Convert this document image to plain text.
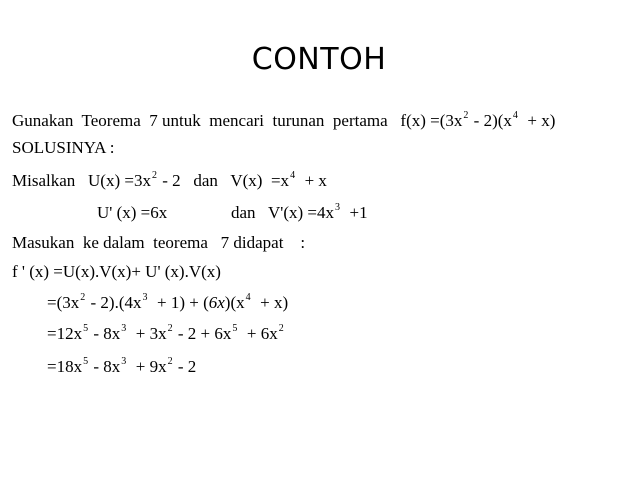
CONTOH
Gunakan  Teorema  7 untuk  mencari  turunan  pertama   $f(x) =(3x^2 - 2)(x^4 + x)$
SOLUSINYA :
Misalkan   $U(x) =3x^2 - 2$   dan   $V(x) =x^4 + x$
U' (x) =6x               dan   $V'(x) =4x^3 +1$
Masukan  ke dalam  teorema   7 didapat    :
f ' (x) =U(x).V(x)+ U' (x).V(x)
$=(3x^2 - 2).(4x^3 + 1) + (6x)(x^4 + x)$
$=12x^5 - 8x^3 + 3x^2 - 2 + 6x^5 + 6x^2$
$=18x^5 - 8x^3 + 9x^2 - 2$
